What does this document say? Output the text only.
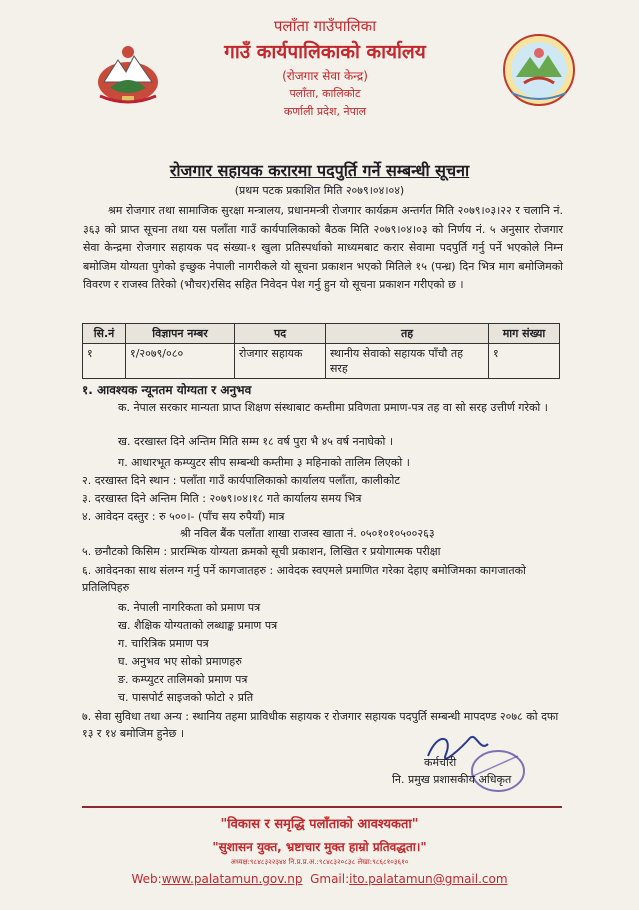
पलाँता गाउँपालिका
गाउँ कार्यपालिकाको कार्यालय
(रोजगार सेवा केन्द्र)
पलाँता, कालिकोट
कर्णाली प्रदेश, नेपाल
रोजगार सहायक करारमा पदपुर्ति गर्ने सम्बन्धी सूचना
(प्रथम पटक प्रकाशित मिति २०७९।०४।०४)
श्रम रोजगार तथा सामाजिक सुरक्षा मन्त्रालय, प्रधानमन्त्री रोजगार कार्यक्रम अन्तर्गत मिति २०७९।०३।२२ र चलानि नं. ३६३ को प्राप्त सूचना तथा यस पलाँता गाउँ कार्यपालिकाको बैठक मिति २०७९।०४।०३ को निर्णय नं. ५ अनुसार रोजगार सेवा केन्द्रमा रोजगार सहायक पद संख्या-१ खुला प्रतिस्पर्धाको माध्यमबाट करार सेवामा पदपुर्ति गर्नु पर्ने भएकोले निम्न बमोजिम योग्यता पुगेको इच्छुक नेपाली नागरीकले यो सूचना प्रकाशन भएको मितिले १५ (पन्ध्र) दिन भित्र माग बमोजिमको विवरण र राजस्व तिरेको (भौचर)रसिद सहित निवेदन पेश गर्नु हुन यो सूचना प्रकाशन गरीएको छ ।
सि.नं	विज्ञापन नम्बर	पद	तह	माग संख्या
१	१/२०७९/०८०	रोजगार सहायक	स्थानीय सेवाको सहायक पाँचौ तह सरह	१
१. आवश्यक न्यूनतम योग्यता र अनुभव
क. नेपाल सरकार मान्यता प्राप्त शिक्षण संस्थाबाट कम्तीमा प्रविणता प्रमाण-पत्र तह वा सो सरह उत्तीर्ण गरेको ।
ख. दरखास्त दिने अन्तिम मिति सम्म १८ वर्ष पुरा भै ४५ वर्ष ननाघेको ।
ग. आधारभूत कम्प्युटर सीप सम्बन्धी कम्तीमा ३ महिनाको तालिम लिएको ।
२. दरखास्त दिने स्थान : पलाँता गाउँ कार्यपालिकाको कार्यालय पलाँता, कालीकोट
३. दरखास्त दिने अन्तिम मिति : २०७९।०४।१८ गते कार्यालय समय भित्र
४. आवेदन दस्तुर : रु ५००।- (पाँच सय रुपैयाँ) मात्र
श्री नविल बैंक पलाँता शाखा राजस्व खाता नं. ०५०१०१०५००२६३
५. छनौटको किसिम : प्रारम्भिक योग्यता क्रमको सूची प्रकाशन, लिखित र प्रयोगात्मक परीक्षा
६. आवेदनका साथ संलग्न गर्नु पर्ने कागजातहरु : आवेदक स्वएमले प्रमाणित गरेका देहाए बमोजिमका कागजातको प्रतिलिपिहरु
क. नेपाली नागरिकता को प्रमाण पत्र
ख. शैक्षिक योग्यताको लब्धाङ्क प्रमाण पत्र
ग. चारित्रिक प्रमाण पत्र
घ. अनुभव भए सोको प्रमाणहरु
ङ. कम्प्युटर तालिमको प्रमाण पत्र
च. पासपोर्ट साइजको फोटो २ प्रति
७. सेवा सुविधा तथा अन्य : स्थानिय तहमा प्राविधीक सहायक र रोजगार सहायक पदपुर्ति सम्बन्धी मापदण्ड २०७८ को दफा १३ र १४ बमोजिम हुनेछ ।
कर्मचारी
नि. प्रमुख प्रशासकीय अधिकृत
"विकास र समृद्धि पलाँताको आवश्यकता"
"सुशासन युक्त, भ्रष्टाचार मुक्त हाम्रो प्रतिवद्धता।"
अध्यक्ष:९८४८३२२३४४ नि.प्र.प्र.अ.:९८४८३२०८३८ लेखा:९८६८१०३६१०
Web:www.palatamun.gov.np Gmail:ito.palatamun@gmail.com
